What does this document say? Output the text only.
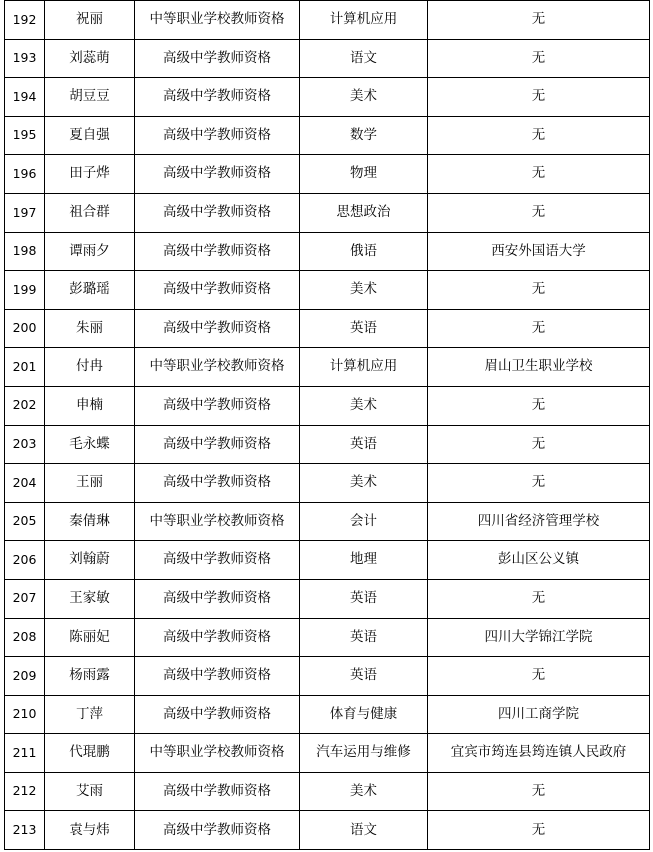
192	祝丽	中等职业学校教师资格	计算机应用	无
193	刘蕊萌	高级中学教师资格	语文	无
194	胡豆豆	高级中学教师资格	美术	无
195	夏自强	高级中学教师资格	数学	无
196	田子烨	高级中学教师资格	物理	无
197	祖合群	高级中学教师资格	思想政治	无
198	谭雨夕	高级中学教师资格	俄语	西安外国语大学
199	彭璐瑶	高级中学教师资格	美术	无
200	朱丽	高级中学教师资格	英语	无
201	付冉	中等职业学校教师资格	计算机应用	眉山卫生职业学校
202	申楠	高级中学教师资格	美术	无
203	毛永蝶	高级中学教师资格	英语	无
204	王丽	高级中学教师资格	美术	无
205	秦倩琳	中等职业学校教师资格	会计	四川省经济管理学校
206	刘翰蔚	高级中学教师资格	地理	彭山区公义镇
207	王家敏	高级中学教师资格	英语	无
208	陈丽妃	高级中学教师资格	英语	四川大学锦江学院
209	杨雨露	高级中学教师资格	英语	无
210	丁萍	高级中学教师资格	体育与健康	四川工商学院
211	代琨鹏	中等职业学校教师资格	汽车运用与维修	宜宾市筠连县筠连镇人民政府
212	艾雨	高级中学教师资格	美术	无
213	袁与炜	高级中学教师资格	语文	无
